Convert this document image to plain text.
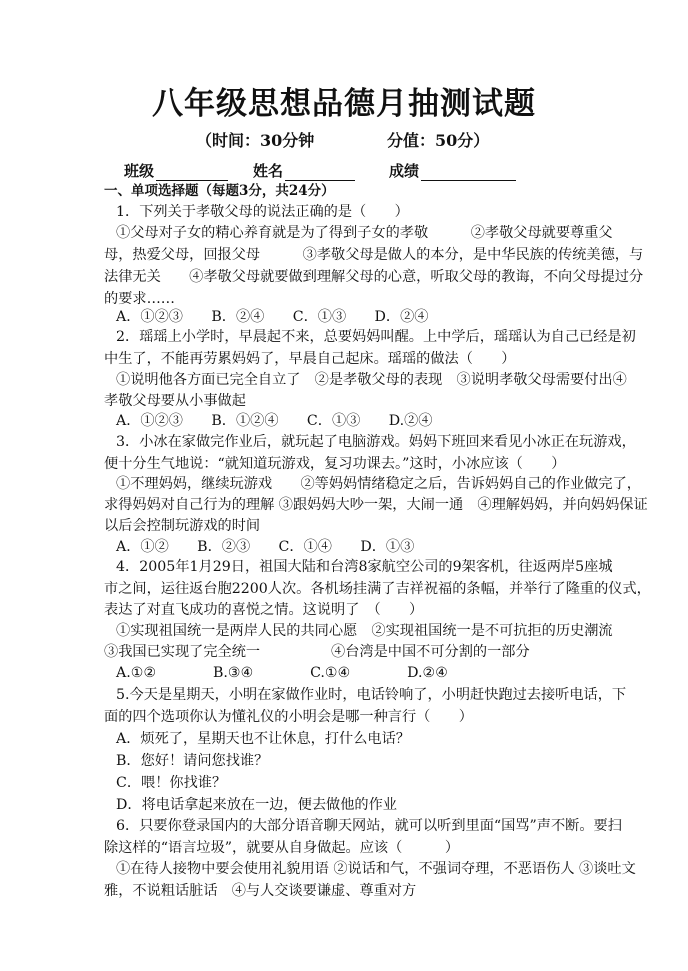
八年级思想品德月抽测试题
（时间：30分钟	分值：50分）
班级	姓名	成绩
一、单项选择题（每题3分，共24分）
1．下列关于孝敬父母的说法正确的是（　　）
①父母对子女的精心养育就是为了得到子女的孝敬　　　②孝敬父母就要尊重父
母，热爱父母，回报父母　　　③孝敬父母是做人的本分，是中华民族的传统美德，与
法律无关　　④孝敬父母就要做到理解父母的心意，听取父母的教诲，不向父母提过分
的要求……
A．①②③　　B．②④　　C．①③　　D．②④
2．瑶瑶上小学时，早晨起不来，总要妈妈叫醒。上中学后，瑶瑶认为自己已经是初
中生了，不能再劳累妈妈了，早晨自己起床。瑶瑶的做法（　　）
①说明他各方面已完全自立了　②是孝敬父母的表现　③说明孝敬父母需要付出④
孝敬父母要从小事做起
A．①②③　　B．①②④　　C．①③　　D.②④
3．小冰在家做完作业后，就玩起了电脑游戏。妈妈下班回来看见小冰正在玩游戏，
便十分生气地说：“就知道玩游戏，复习功课去。”这时，小冰应该（　　）
①不理妈妈，继续玩游戏　　②等妈妈情绪稳定之后，告诉妈妈自己的作业做完了，
求得妈妈对自己行为的理解 ③跟妈妈大吵一架，大闹一通　④理解妈妈，并向妈妈保证
以后会控制玩游戏的时间
A．①②　　B．②③　　C．①④　　D．①③
4．2005年1月29日，祖国大陆和台湾8家航空公司的9架客机，往返两岸5座城
市之间，运往返台胞2200人次。各机场挂满了吉祥祝福的条幅，并举行了隆重的仪式，
表达了对直飞成功的喜悦之情。这说明了　（　　）
①实现祖国统一是两岸人民的共同心愿　②实现祖国统一是不可抗拒的历史潮流
③我国已实现了完全统一　　　　　④台湾是中国不可分割的一部分
A.①②　　　　B.③④　　　　C.①④　　　　D.②④
5.今天是星期天，小明在家做作业时，电话铃响了，小明赶快跑过去接听电话，下
面的四个选项你认为懂礼仪的小明会是哪一种言行（　　）
A．烦死了，星期天也不让休息，打什么电话？
B．您好！请问您找谁？
C．喂！你找谁？
D．将电话拿起来放在一边，便去做他的作业
6．只要你登录国内的大部分语音聊天网站，就可以听到里面“国骂”声不断。要扫
除这样的“语言垃圾”，就要从自身做起。应该（　　　）
①在待人接物中要会使用礼貌用语 ②说话和气，不强词夺理，不恶语伤人 ③谈吐文
雅，不说粗话脏话　④与人交谈要谦虚、尊重对方
